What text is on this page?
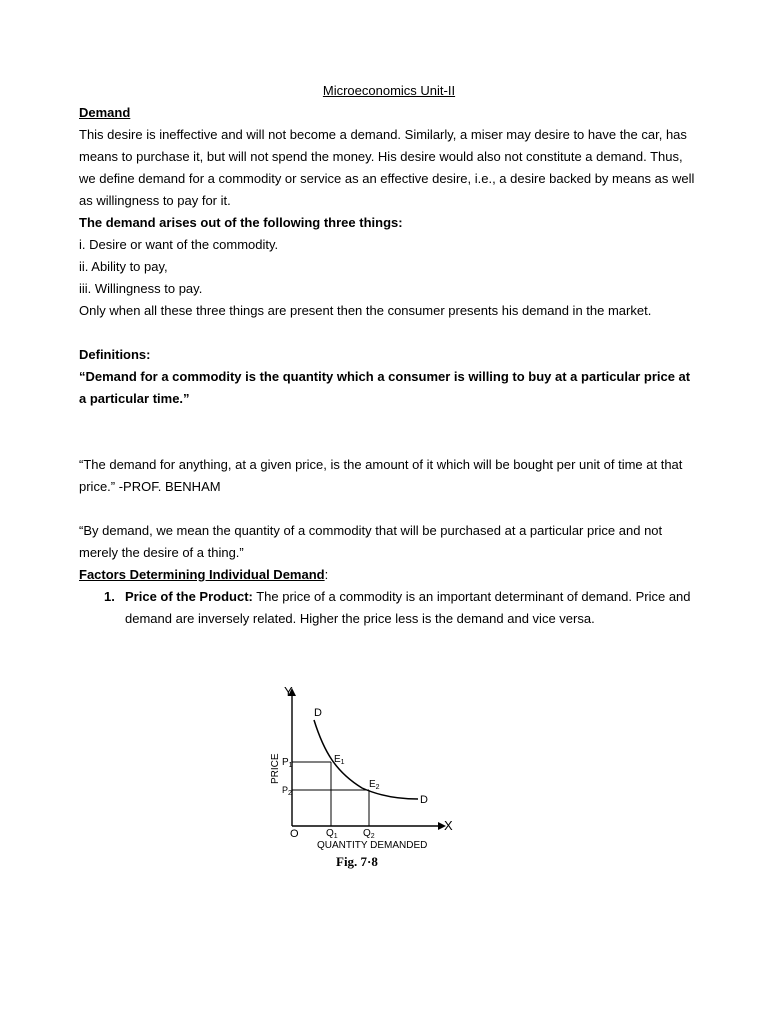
Microeconomics Unit-II

Demand

This desire is ineffective and will not become a demand. Similarly, a miser may desire to have the car, has means to purchase it, but will not spend the money. His desire would also not constitute a demand. Thus, we define demand for a commodity or service as an effective desire, i.e., a desire backed by means as well as willingness to pay for it.

The demand arises out of the following three things:

i. Desire or want of the commodity.

ii. Ability to pay,

iii. Willingness to pay.

Only when all these three things are present then the consumer presents his demand in the market.

Definitions:

“Demand for a commodity is the quantity which a consumer is willing to buy at a particular price at a particular time.”

“The demand for anything, at a given price, is the amount of it which will be bought per unit of time at that price.” -PROF. BENHAM

“By demand, we mean the quantity of a commodity that will be purchased at a particular price and not merely the desire of a thing.”

Factors Determining Individual Demand:

1. Price of the Product: The price of a commodity is an important determinant of demand. Price and demand are inversely related. Higher the price less is the demand and vice versa.
Y
X
O
D
D
PRICE
QUANTITY DEMANDED
$P_1$
$P_2$
$E_1$
$E_2$
$Q_1$	$Q_2$
Fig. 7·8
